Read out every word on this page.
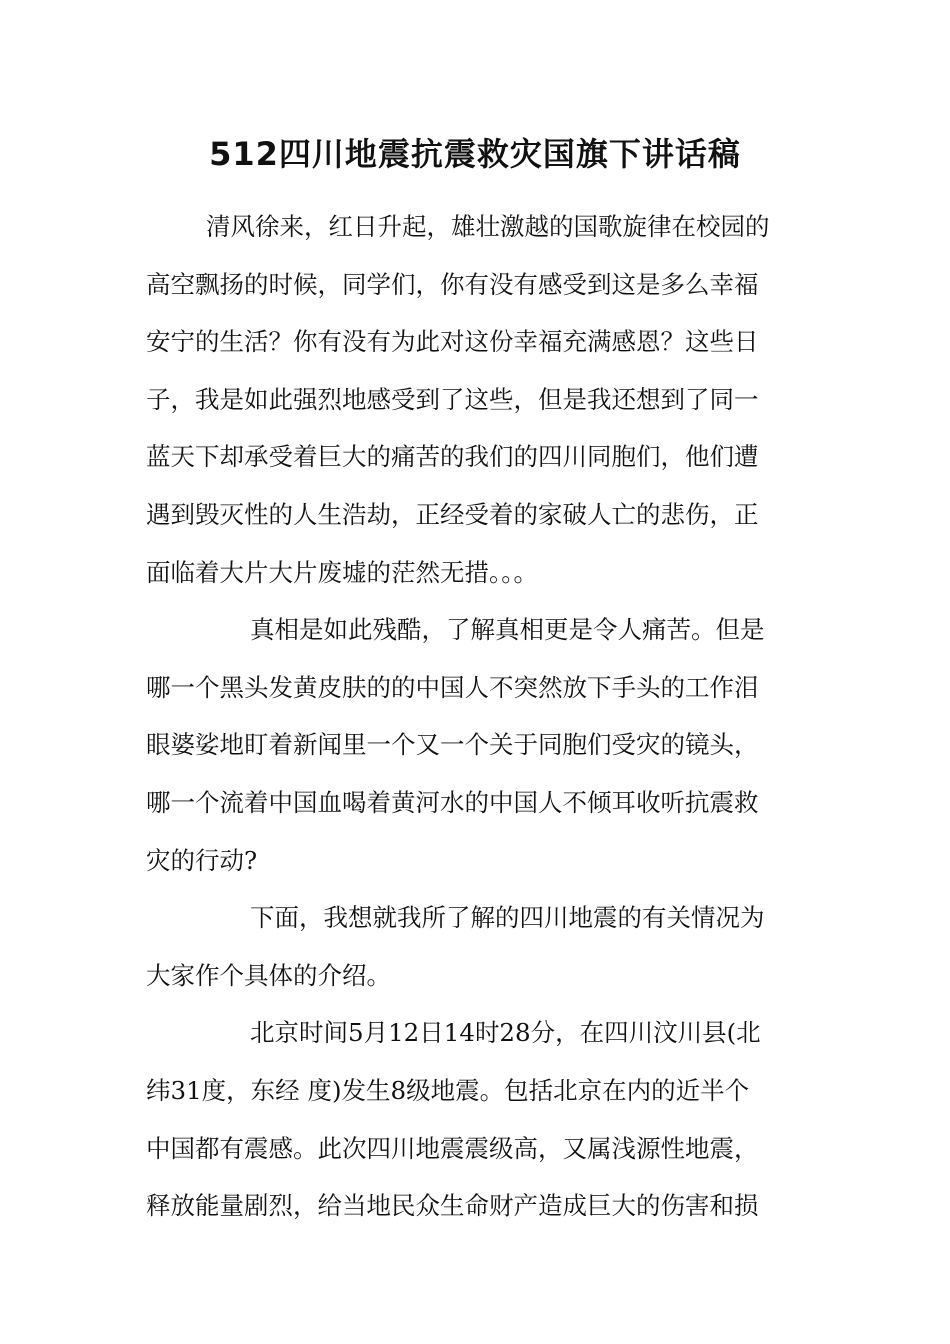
512四川地震抗震救灾国旗下讲话稿
清风徐来，红日升起，雄壮激越的国歌旋律在校园的
高空飘扬的时候，同学们，你有没有感受到这是多么幸福
安宁的生活？你有没有为此对这份幸福充满感恩？这些日
子，我是如此强烈地感受到了这些，但是我还想到了同一
蓝天下却承受着巨大的痛苦的我们的四川同胞们，他们遭
遇到毁灭性的人生浩劫，正经受着的家破人亡的悲伤，正
面临着大片大片废墟的茫然无措。。。
真相是如此残酷，了解真相更是令人痛苦。但是
哪一个黑头发黄皮肤的的中国人不突然放下手头的工作泪
眼婆娑地盯着新闻里一个又一个关于同胞们受灾的镜头，
哪一个流着中国血喝着黄河水的中国人不倾耳收听抗震救
灾的行动?
下面，我想就我所了解的四川地震的有关情况为
大家作个具体的介绍。
北京时间5月12日14时28分，在四川汶川县(北
纬31度，东经 度)发生8级地震。包括北京在内的近半个
中国都有震感。此次四川地震震级高，又属浅源性地震，
释放能量剧烈，给当地民众生命财产造成巨大的伤害和损
